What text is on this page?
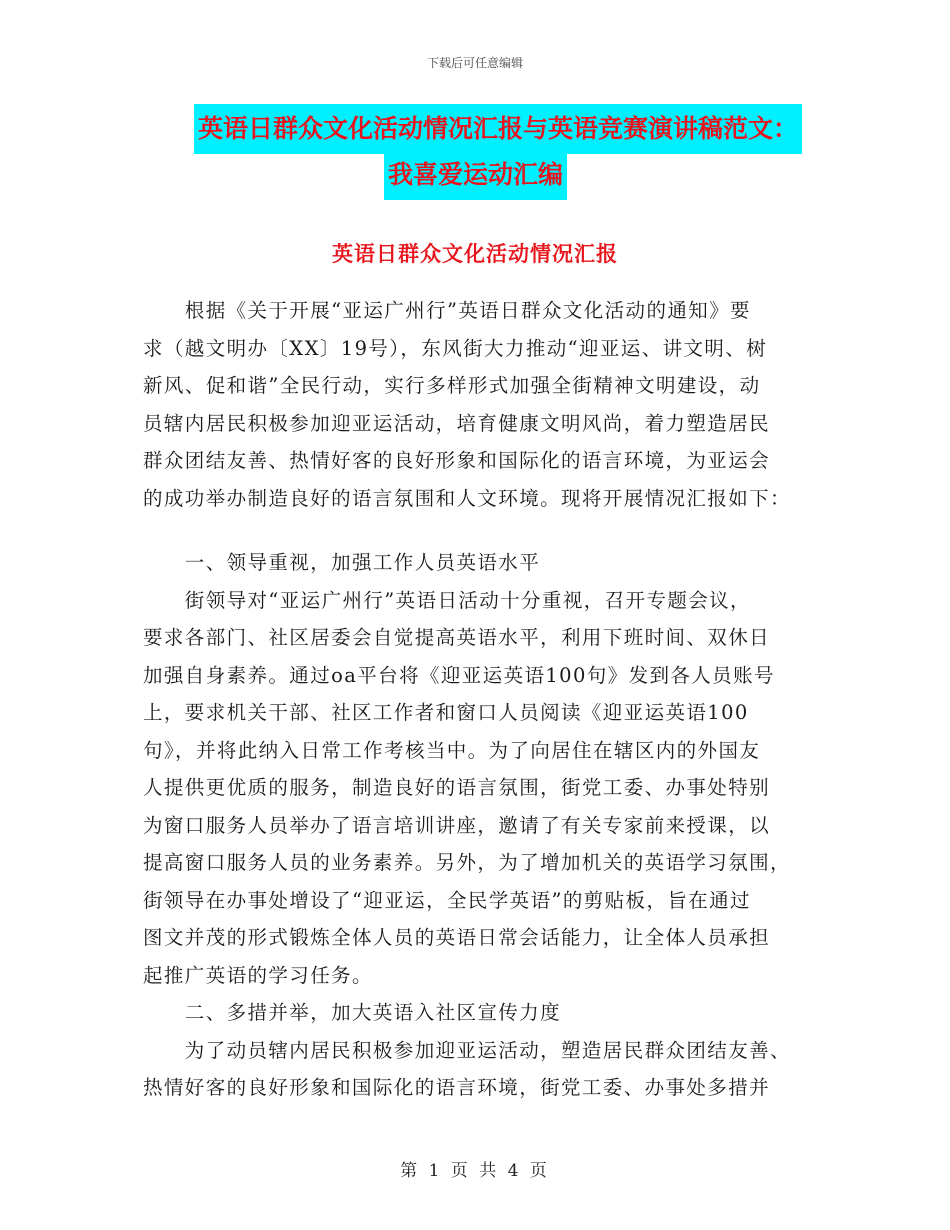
下载后可任意编辑
英语日群众文化活动情况汇报与英语竞赛演讲稿范文：
我喜爱运动汇编
英语日群众文化活动情况汇报
　　根据《关于开展“亚运广州行”英语日群众文化活动的通知》要
求（越文明办〔XX〕19号），东风街大力推动“迎亚运、讲文明、树
新风、促和谐”全民行动，实行多样形式加强全街精神文明建设，动
员辖内居民积极参加迎亚运活动，培育健康文明风尚，着力塑造居民
群众团结友善、热情好客的良好形象和国际化的语言环境，为亚运会
的成功举办制造良好的语言氛围和人文环境。现将开展情况汇报如下：
　　一、领导重视，加强工作人员英语水平
　　街领导对“亚运广州行”英语日活动十分重视，召开专题会议，
要求各部门、社区居委会自觉提高英语水平，利用下班时间、双休日
加强自身素养。通过oa平台将《迎亚运英语100句》发到各人员账号
上，要求机关干部、社区工作者和窗口人员阅读《迎亚运英语100
句》，并将此纳入日常工作考核当中。为了向居住在辖区内的外国友
人提供更优质的服务，制造良好的语言氛围，街党工委、办事处特别
为窗口服务人员举办了语言培训讲座，邀请了有关专家前来授课，以
提高窗口服务人员的业务素养。另外，为了增加机关的英语学习氛围，
街领导在办事处增设了“迎亚运，全民学英语”的剪贴板，旨在通过
图文并茂的形式锻炼全体人员的英语日常会话能力，让全体人员承担
起推广英语的学习任务。
　　二、多措并举，加大英语入社区宣传力度
　　为了动员辖内居民积极参加迎亚运活动，塑造居民群众团结友善、
热情好客的良好形象和国际化的语言环境，街党工委、办事处多措并
第 1 页 共 4 页
